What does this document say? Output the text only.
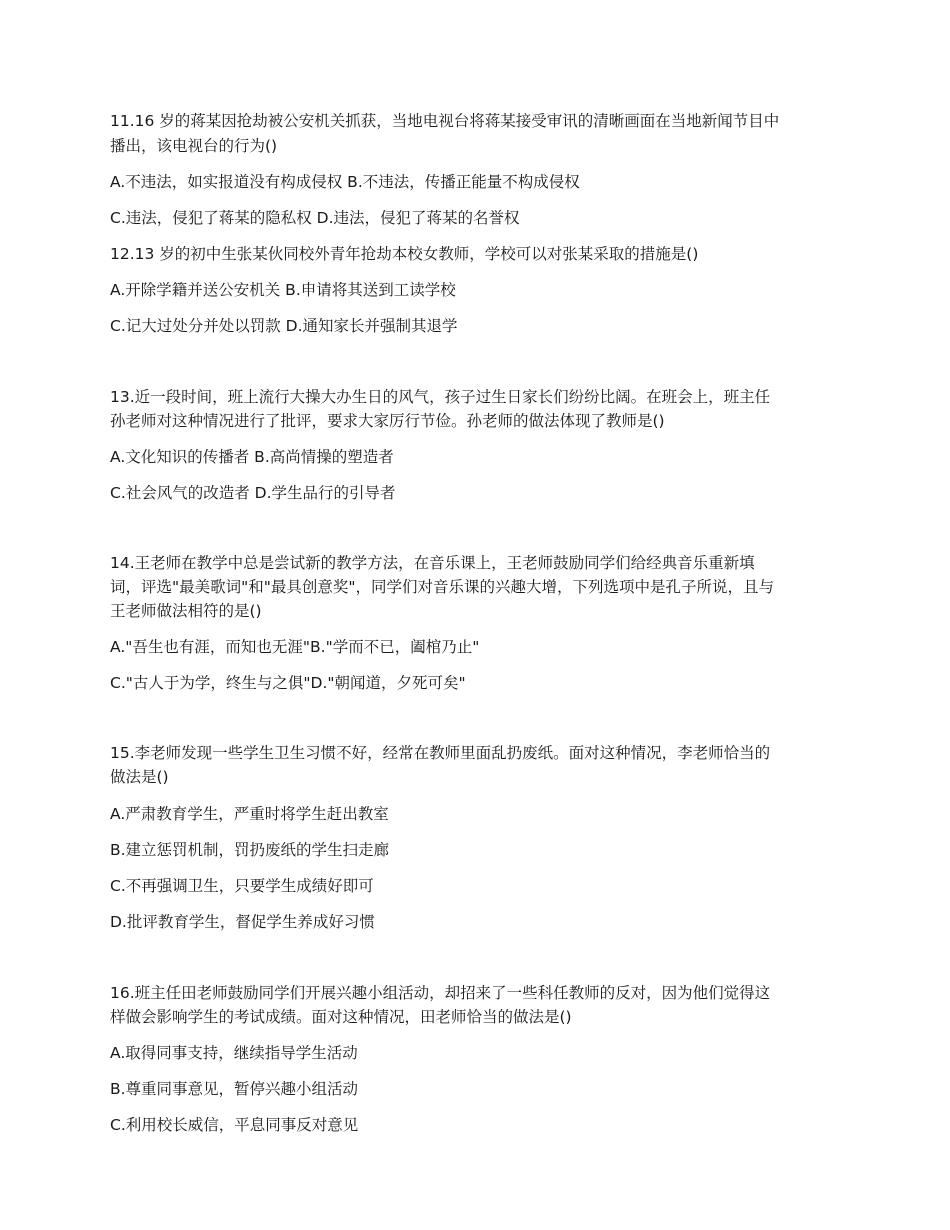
11.16 岁的蒋某因抢劫被公安机关抓获，当地电视台将蒋某接受审讯的清晰画面在当地新闻节目中
播出，该电视台的行为()
A.不违法，如实报道没有构成侵权 B.不违法，传播正能量不构成侵权
C.违法，侵犯了蒋某的隐私权 D.违法，侵犯了蒋某的名誉权
12.13 岁的初中生张某伙同校外青年抢劫本校女教师，学校可以对张某采取的措施是()
A.开除学籍并送公安机关 B.申请将其送到工读学校
C.记大过处分并处以罚款 D.通知家长并强制其退学
13.近一段时间，班上流行大操大办生日的风气，孩子过生日家长们纷纷比阔。在班会上，班主任
孙老师对这种情况进行了批评，要求大家厉行节俭。孙老师的做法体现了教师是()
A.文化知识的传播者 B.高尚情操的塑造者
C.社会风气的改造者 D.学生品行的引导者
14.王老师在教学中总是尝试新的教学方法，在音乐课上，王老师鼓励同学们给经典音乐重新填
词，评选"最美歌词"和"最具创意奖"，同学们对音乐课的兴趣大增，下列选项中是孔子所说，且与
王老师做法相符的是()
A."吾生也有涯，而知也无涯"B."学而不已，阖棺乃止"
C."古人于为学，终生与之俱"D."朝闻道，夕死可矣"
15.李老师发现一些学生卫生习惯不好，经常在教师里面乱扔废纸。面对这种情况，李老师恰当的
做法是()
A.严肃教育学生，严重时将学生赶出教室
B.建立惩罚机制，罚扔废纸的学生扫走廊
C.不再强调卫生，只要学生成绩好即可
D.批评教育学生，督促学生养成好习惯
16.班主任田老师鼓励同学们开展兴趣小组活动，却招来了一些科任教师的反对，因为他们觉得这
样做会影响学生的考试成绩。面对这种情况，田老师恰当的做法是()
A.取得同事支持，继续指导学生活动
B.尊重同事意见，暂停兴趣小组活动
C.利用校长威信，平息同事反对意见
